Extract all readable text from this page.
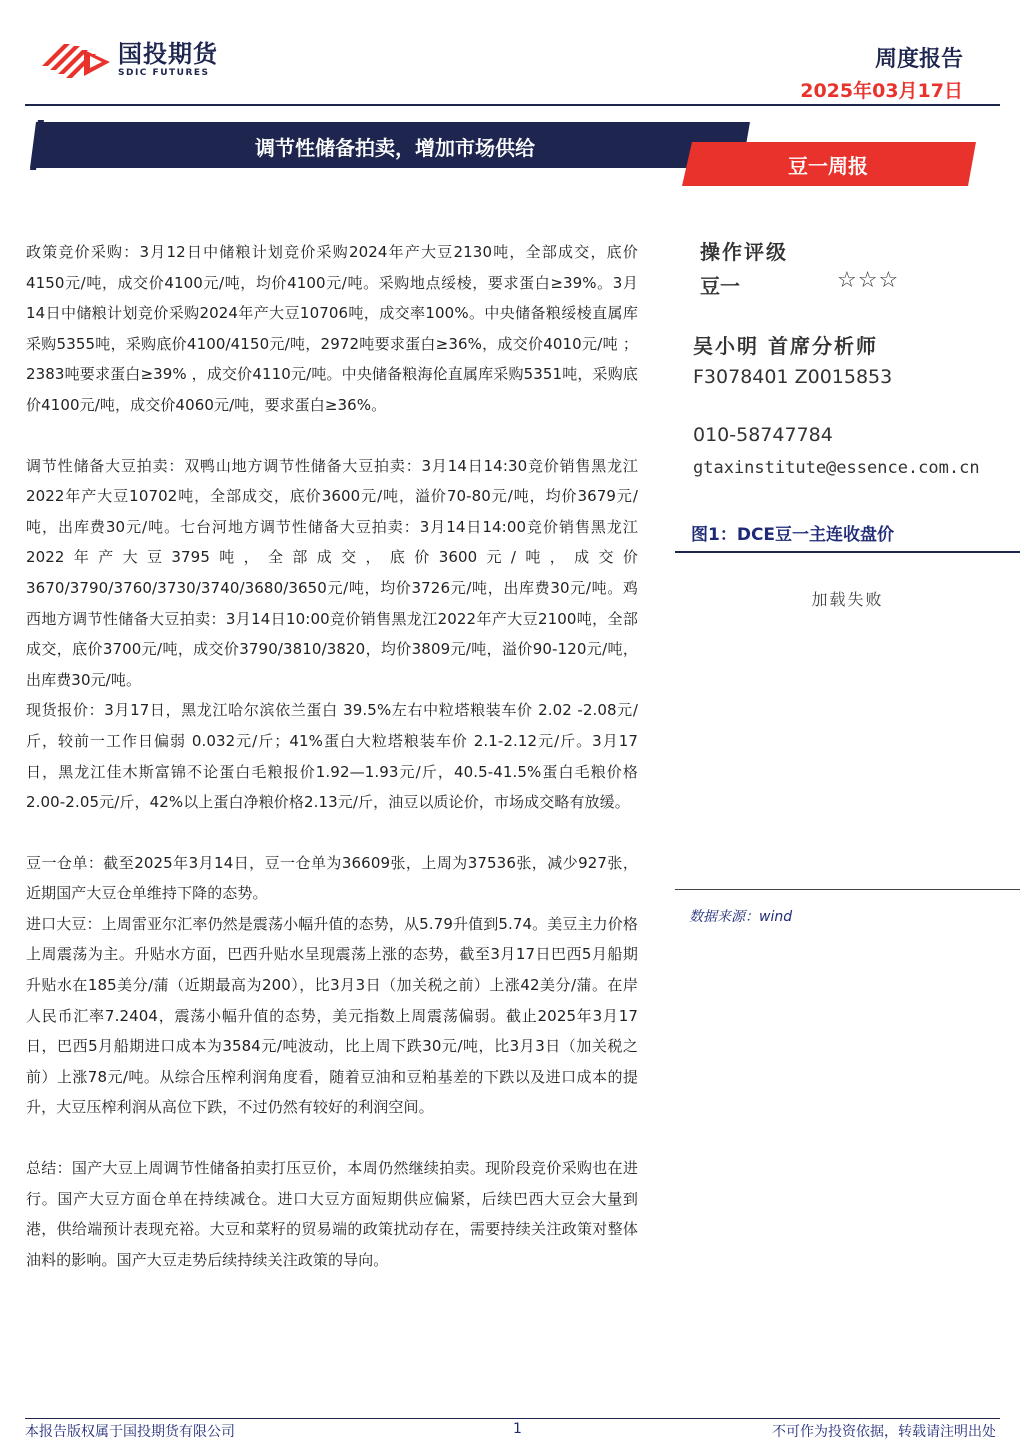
国投期货
SDIC FUTURES
周度报告
2025年03月17日
调节性储备拍卖，增加市场供给
豆一周报

政策竞价采购：3月12日中储粮计划竞价采购2024年产大豆2130吨，全部成交，底价4150元/吨，成交价4100元/吨，均价4100元/吨。采购地点绥棱，要求蛋白≥39%。3月14日中储粮计划竞价采购2024年产大豆10706吨，成交率100%。中央储备粮绥棱直属库采购5355吨，采购底价4100/4150元/吨，2972吨要求蛋白≥36%，成交价4010元/吨 ；2383吨要求蛋白≥39% ，成交价4110元/吨。中央储备粮海伦直属库采购5351吨，采购底价4100元/吨，成交价4060元/吨，要求蛋白≥36%。

调节性储备大豆拍卖：双鸭山地方调节性储备大豆拍卖：3月14日14:30竞价销售黑龙江2022年产大豆10702吨，全部成交，底价3600元/吨，溢价70-80元/吨，均价3679元/吨，出库费30元/吨。七台河地方调节性储备大豆拍卖：3月14日14:00竞价销售黑龙江2022年产大豆3795吨，全部成交，底价3600元/吨，成交价3670/3790/3760/3730/3740/3680/3650元/吨，均价3726元/吨，出库费30元/吨。鸡西地方调节性储备大豆拍卖：3月14日10:00竞价销售黑龙江2022年产大豆2100吨，全部成交，底价3700元/吨，成交价3790/3810/3820，均价3809元/吨，溢价90-120元/吨，出库费30元/吨。

现货报价：3月17日，黑龙江哈尔滨依兰蛋白 39.5%左右中粒塔粮装车价 2.02 -2.08元/斤，较前一工作日偏弱 0.032元/斤；41%蛋白大粒塔粮装车价 2.1-2.12元/斤。3月17日，黑龙江佳木斯富锦不论蛋白毛粮报价1.92—1.93元/斤，40.5-41.5%蛋白毛粮价格 2.00-2.05元/斤，42%以上蛋白净粮价格2.13元/斤，油豆以质论价，市场成交略有放缓。

豆一仓单：截至2025年3月14日，豆一仓单为36609张，上周为37536张，减少927张，近期国产大豆仓单维持下降的态势。

进口大豆：上周雷亚尔汇率仍然是震荡小幅升值的态势，从5.79升值到5.74。美豆主力价格上周震荡为主。升贴水方面，巴西升贴水呈现震荡上涨的态势，截至3月17日巴西5月船期升贴水在185美分/蒲（近期最高为200），比3月3日（加关税之前）上涨42美分/蒲。在岸人民币汇率7.2404，震荡小幅升值的态势，美元指数上周震荡偏弱。截止2025年3月17日，巴西5月船期进口成本为3584元/吨波动，比上周下跌30元/吨，比3月3日（加关税之前）上涨78元/吨。从综合压榨利润角度看，随着豆油和豆粕基差的下跌以及进口成本的提升，大豆压榨利润从高位下跌，不过仍然有较好的利润空间。

总结：国产大豆上周调节性储备拍卖打压豆价，本周仍然继续拍卖。现阶段竞价采购也在进行。国产大豆方面仓单在持续减仓。进口大豆方面短期供应偏紧，后续巴西大豆会大量到港，供给端预计表现充裕。大豆和菜籽的贸易端的政策扰动存在，需要持续关注政策对整体油料的影响。国产大豆走势后续持续关注政策的导向。

操作评级
豆一	☆☆☆
吴小明 首席分析师
F3078401 Z0015853
010-58747784
gtaxinstitute@essence.com.cn
图1：DCE豆一主连收盘价
加载失败
数据来源：wind
本报告版权属于国投期货有限公司	1	不可作为投资依据，转载请注明出处
